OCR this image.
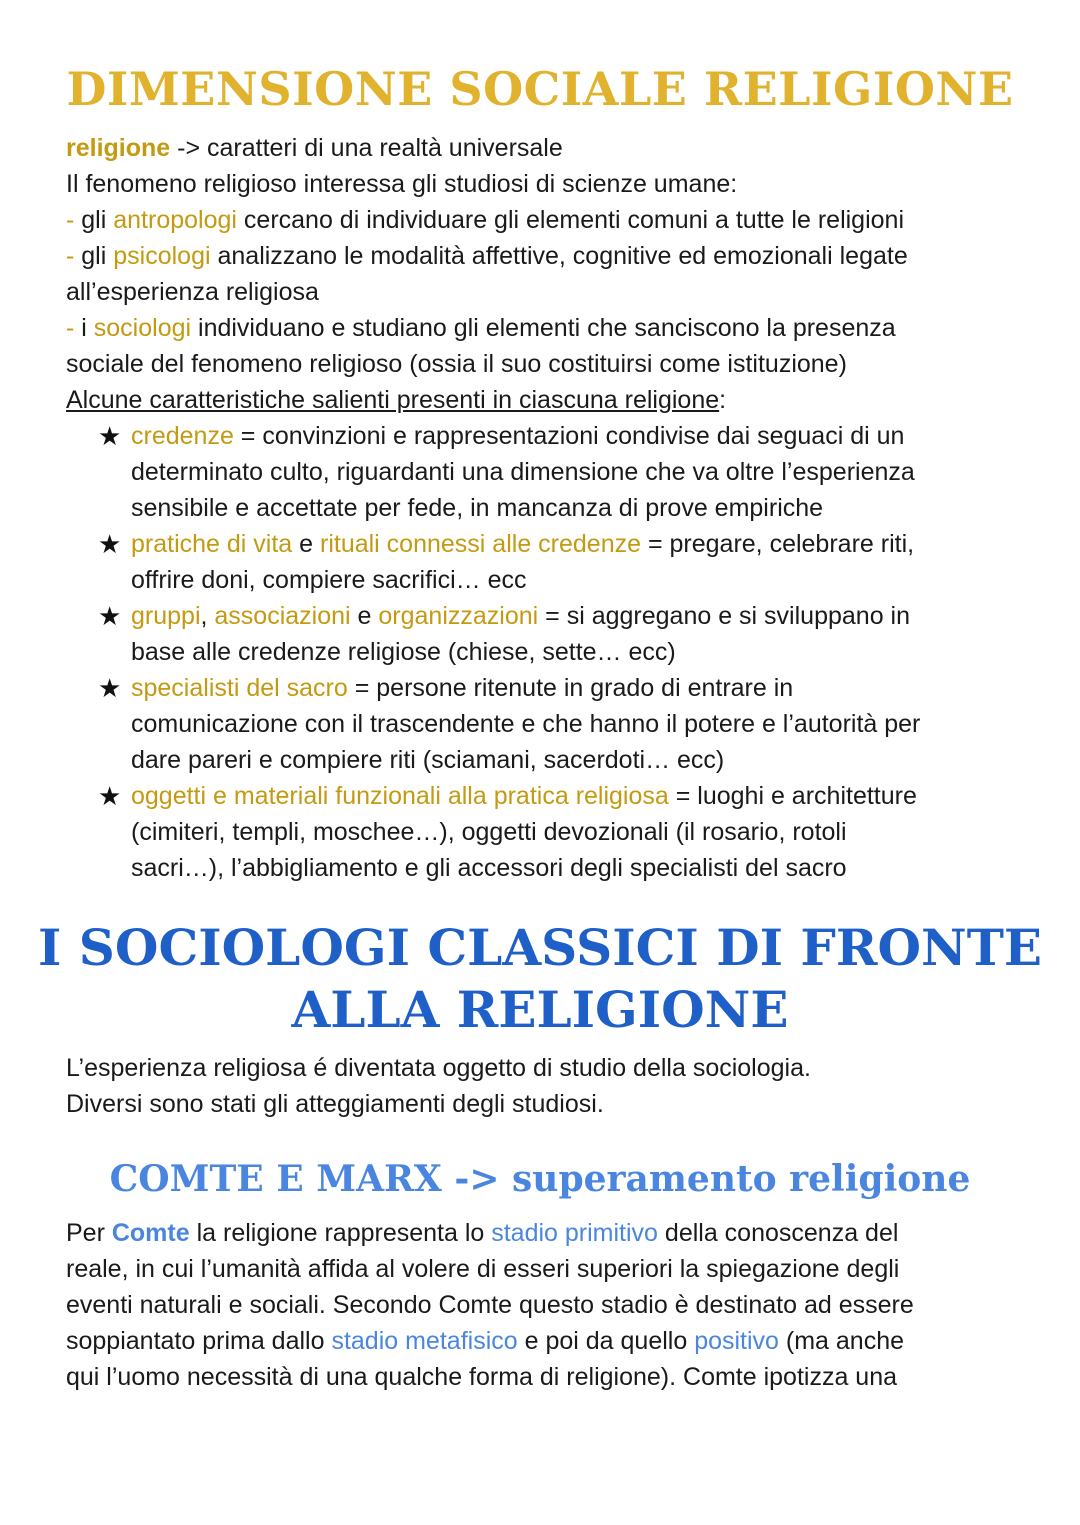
DIMENSIONE SOCIALE RELIGIONE
religione -> caratteri di una realtà universale
Il fenomeno religioso interessa gli studiosi di scienze umane:
- gli antropologi cercano di individuare gli elementi comuni a tutte le religioni
- gli psicologi analizzano le modalità affettive, cognitive ed emozionali legate
all’esperienza religiosa
- i sociologi individuano e studiano gli elementi che sanciscono la presenza
sociale del fenomeno religioso (ossia il suo costituirsi come istituzione)
Alcune caratteristiche salienti presenti in ciascuna religione:
★ credenze = convinzioni e rappresentazioni condivise dai seguaci di un
determinato culto, riguardanti una dimensione che va oltre l’esperienza
sensibile e accettate per fede, in mancanza di prove empiriche
★ pratiche di vita e rituali connessi alle credenze = pregare, celebrare riti,
offrire doni, compiere sacrifici… ecc
★ gruppi, associazioni e organizzazioni = si aggregano e si sviluppano in
base alle credenze religiose (chiese, sette… ecc)
★ specialisti del sacro = persone ritenute in grado di entrare in
comunicazione con il trascendente e che hanno il potere e l’autorità per
dare pareri e compiere riti (sciamani, sacerdoti… ecc)
★ oggetti e materiali funzionali alla pratica religiosa = luoghi e architetture
(cimiteri, templi, moschee…), oggetti devozionali (il rosario, rotoli
sacri…), l’abbigliamento e gli accessori degli specialisti del sacro
I SOCIOLOGI CLASSICI DI FRONTE
ALLA RELIGIONE
L’esperienza religiosa é diventata oggetto di studio della sociologia.
Diversi sono stati gli atteggiamenti degli studiosi.
COMTE E MARX -> superamento religione
Per Comte la religione rappresenta lo stadio primitivo della conoscenza del
reale, in cui l’umanità affida al volere di esseri superiori la spiegazione degli
eventi naturali e sociali. Secondo Comte questo stadio è destinato ad essere
soppiantato prima dallo stadio metafisico e poi da quello positivo (ma anche
qui l’uomo necessità di una qualche forma di religione). Comte ipotizza una
